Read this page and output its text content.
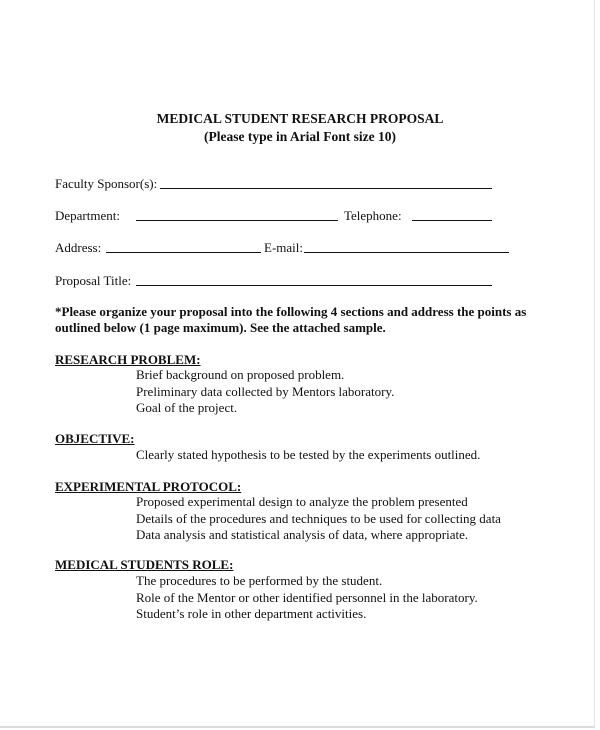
MEDICAL STUDENT RESEARCH PROPOSAL
(Please type in Arial Font size 10)
Faculty Sponsor(s):
Department:	Telephone:
Address:	E-mail:
Proposal Title:
*Please organize your proposal into the following 4 sections and address the points as
outlined below (1 page maximum). See the attached sample.
RESEARCH PROBLEM:
Brief background on proposed problem.
Preliminary data collected by Mentors laboratory.
Goal of the project.
OBJECTIVE:
Clearly stated hypothesis to be tested by the experiments outlined.
EXPERIMENTAL PROTOCOL:
Proposed experimental design to analyze the problem presented
Details of the procedures and techniques to be used for collecting data
Data analysis and statistical analysis of data, where appropriate.
MEDICAL STUDENTS ROLE:
The procedures to be performed by the student.
Role of the Mentor or other identified personnel in the laboratory.
Student’s role in other department activities.
